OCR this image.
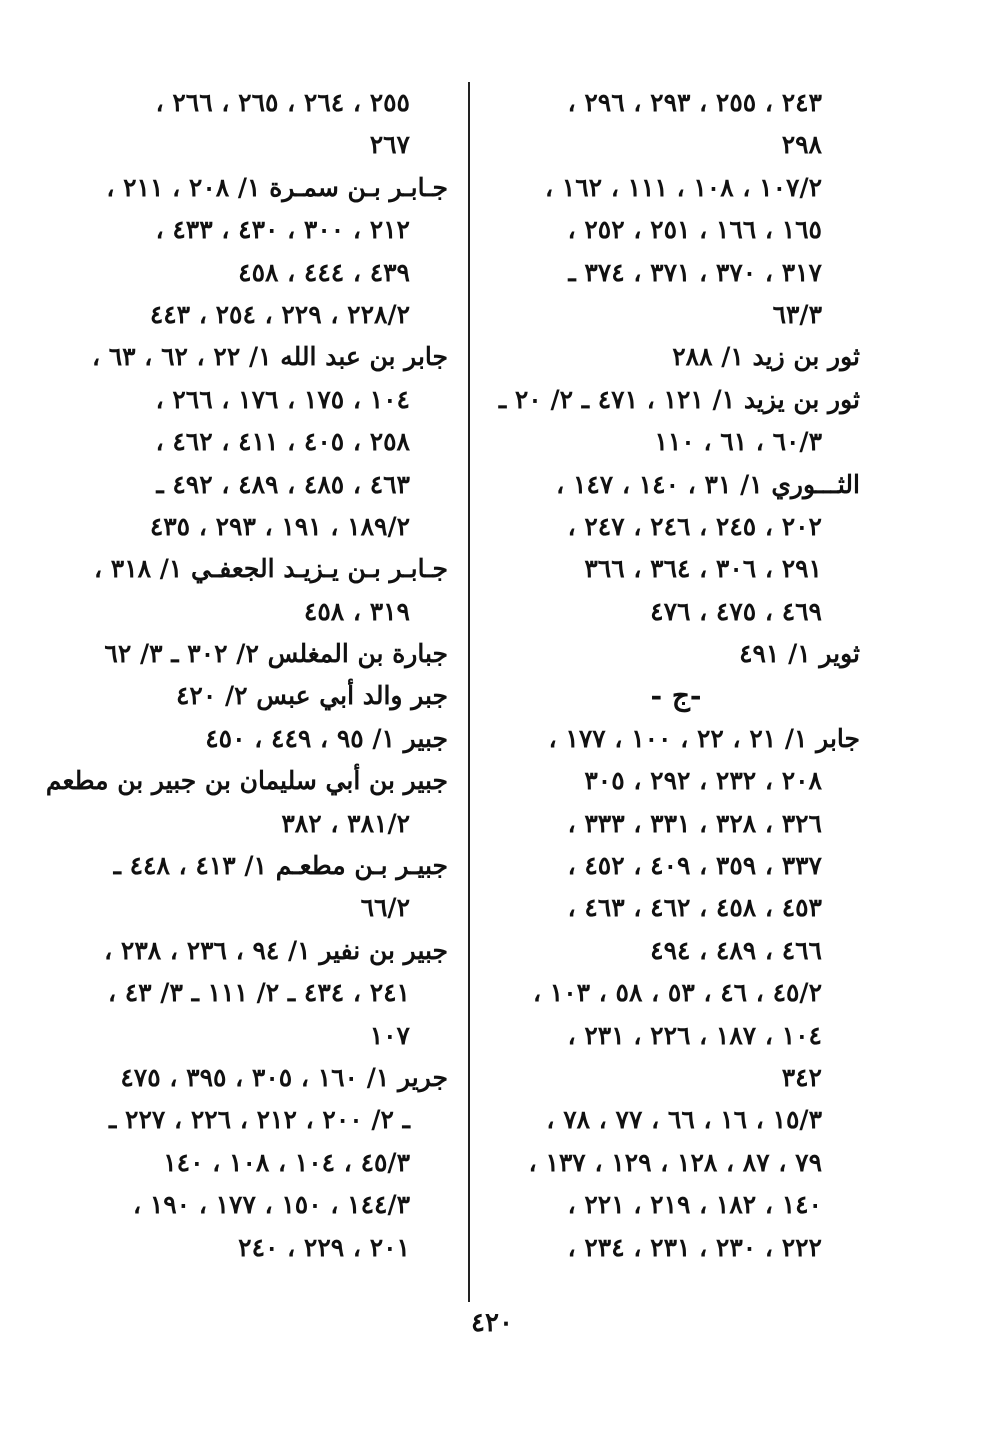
٢٤٣ ، ٢٥٥ ، ٢٩٣ ، ٢٩٦ ،
٢٩٨
١٠٧/٢ ، ١٠٨ ، ١١١ ، ١٦٢ ،
١٦٥ ، ١٦٦ ، ٢٥١ ، ٢٥٢ ،
٣١٧ ، ٣٧٠ ، ٣٧١ ، ٣٧٤ ـ
٦٣/٣
ثور بن زيد ١/ ٢٨٨
ثور بن يزيد ١/ ١٢١ ، ٤٧١ ـ ٢/ ٢٠ ـ
٦٠/٣ ، ٦١ ، ١١٠
الثـــوري ١/ ٣١ ، ١٤٠ ، ١٤٧ ،
٢٠٢ ، ٢٤٥ ، ٢٤٦ ، ٢٤٧ ،
٢٩١ ، ٣٠٦ ، ٣٦٤ ، ٣٦٦
٤٦٩ ، ٤٧٥ ، ٤٧٦
ثوير ١/ ٤٩١
-ج -
جابر ١/ ٢١ ، ٢٢ ، ١٠٠ ، ١٧٧ ،
٢٠٨ ، ٢٣٢ ، ٢٩٢ ، ٣٠٥
٣٢٦ ، ٣٢٨ ، ٣٣١ ، ٣٣٣ ،
٣٣٧ ، ٣٥٩ ، ٤٠٩ ، ٤٥٢ ،
٤٥٣ ، ٤٥٨ ، ٤٦٢ ، ٤٦٣ ،
٤٦٦ ، ٤٨٩ ، ٤٩٤
٤٥/٢ ، ٤٦ ، ٥٣ ، ٥٨ ، ١٠٣ ،
١٠٤ ، ١٨٧ ، ٢٢٦ ، ٢٣١ ،
٣٤٢
١٥/٣ ، ١٦ ، ٦٦ ، ٧٧ ، ٧٨ ،
٧٩ ، ٨٧ ، ١٢٨ ، ١٢٩ ، ١٣٧ ،
١٤٠ ، ١٨٢ ، ٢١٩ ، ٢٢١ ،
٢٢٢ ، ٢٣٠ ، ٢٣١ ، ٢٣٤ ،
٢٥٥ ، ٢٦٤ ، ٢٦٥ ، ٢٦٦ ،
٢٦٧
جـابـر بـن سمـرة ١/ ٢٠٨ ، ٢١١ ،
٢١٢ ، ٣٠٠ ، ٤٣٠ ، ٤٣٣ ،
٤٣٩ ، ٤٤٤ ، ٤٥٨
٢٢٨/٢ ، ٢٢٩ ، ٢٥٤ ، ٤٤٣
جابر بن عبد الله ١/ ٢٢ ، ٦٢ ، ٦٣ ،
١٠٤ ، ١٧٥ ، ١٧٦ ، ٢٦٦ ،
٢٥٨ ، ٤٠٥ ، ٤١١ ، ٤٦٢ ،
٤٦٣ ، ٤٨٥ ، ٤٨٩ ، ٤٩٢ ـ
١٨٩/٢ ، ١٩١ ، ٢٩٣ ، ٤٣٥
جـابـر بـن يـزيـد الجعفـي ١/ ٣١٨ ،
٣١٩ ، ٤٥٨
جبارة بن المغلس ٢/ ٣٠٢ ـ ٣/ ٦٢
جبر والد أبي عبس ٢/ ٤٢٠
جبير ١/ ٩٥ ، ٤٤٩ ، ٤٥٠
جبير بن أبي سليمان بن جبير بن مطعم
٣٨١/٢ ، ٣٨٢
جبيـر بـن مطعـم ١/ ٤١٣ ، ٤٤٨ ـ
٦٦/٢
جبير بن نفير ١/ ٩٤ ، ٢٣٦ ، ٢٣٨ ،
٢٤١ ، ٤٣٤ ـ ٢/ ١١١ ـ ٣/ ٤٣ ،
١٠٧
جرير ١/ ١٦٠ ، ٣٠٥ ، ٣٩٥ ، ٤٧٥
ـ ٢/ ٢٠٠ ، ٢١٢ ، ٢٢٦ ، ٢٢٧ ـ
٤٥/٣ ، ١٠٤ ، ١٠٨ ، ١٤٠
١٤٤/٣ ، ١٥٠ ، ١٧٧ ، ١٩٠ ،
٢٠١ ، ٢٢٩ ، ٢٤٠
٤٢٠
